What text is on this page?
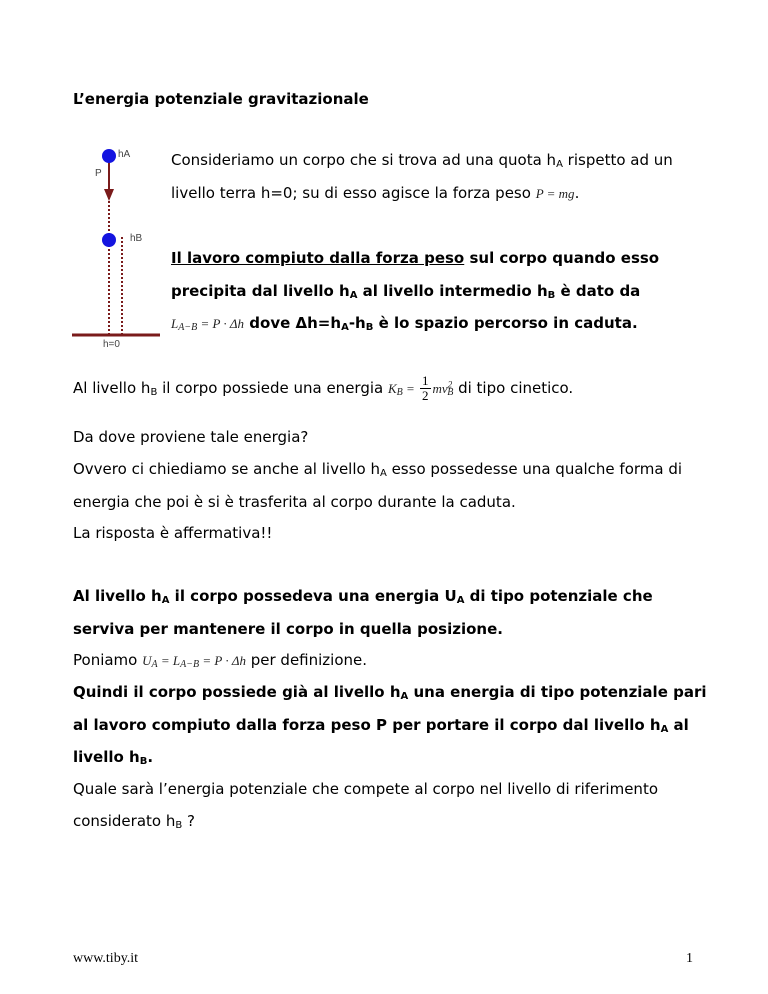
L’energia potenziale gravitazionale
hA
P
hB
h=0
Consideriamo un corpo che si trova ad una quota $h_A$ rispetto ad un
livello terra h=0; su di esso agisce la forza peso P = mg.
Il lavoro compiuto dalla forza peso sul corpo quando esso
precipita dal livello $h_A$ al livello intermedio $h_B$ è dato da
$L_{A-B} = P \cdot \Delta h$ dove $\Delta h=h_A-h_B$ è lo spazio percorso in caduta.
Al livello $h_B$ il corpo possiede una energia $K_B = \frac{1}{2} mv^2_B$ di tipo cinetico.
Da dove proviene tale energia?
Ovvero ci chiediamo se anche al livello $h_A$ esso possedesse una qualche forma di
energia che poi è si è trasferita al corpo durante la caduta.
La risposta è affermativa!!
Al livello $h_A$ il corpo possedeva una energia $U_A$ di tipo potenziale che
serviva per mantenere il corpo in quella posizione.
Poniamo $U_A = L_{A-B} = P \cdot \Delta h$ per definizione.
Quindi il corpo possiede già al livello $h_A$ una energia di tipo potenziale pari
al lavoro compiuto dalla forza peso P per portare il corpo dal livello $h_A$ al
livello $h_B$.
Quale sarà l’energia potenziale che compete al corpo nel livello di riferimento
considerato $h_B$ ?
www.tiby.it	1
